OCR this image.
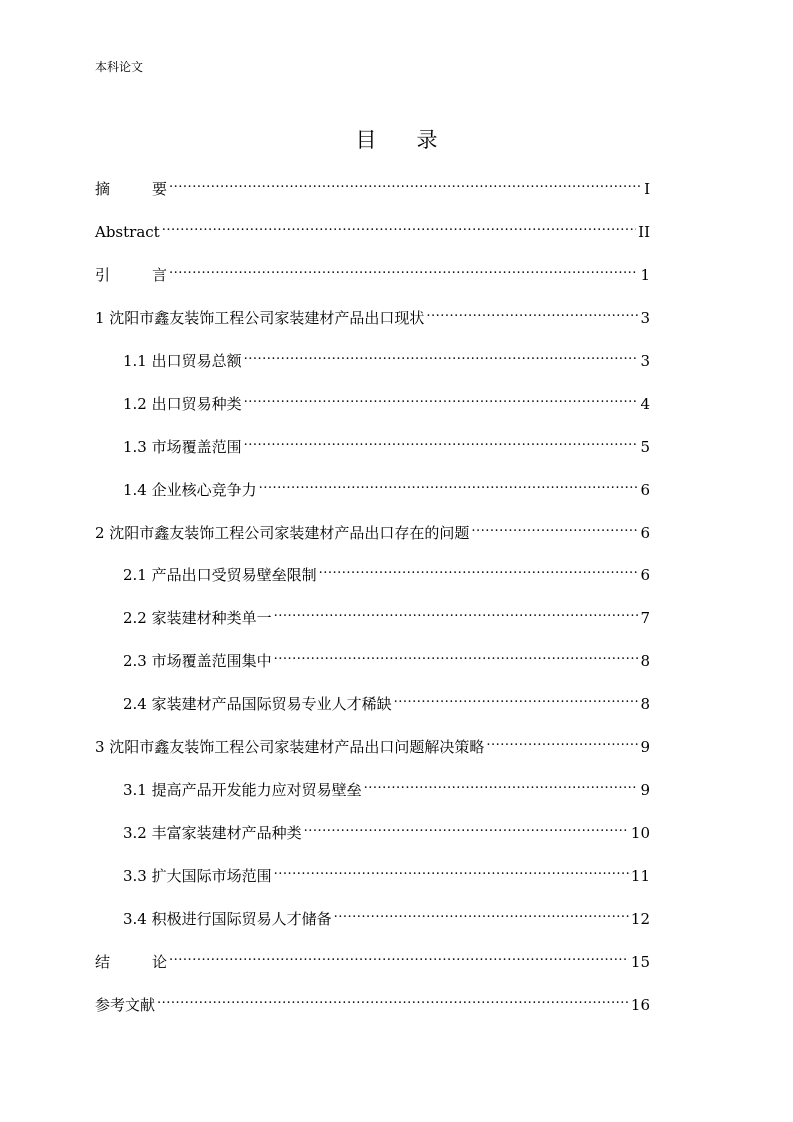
本科论文
目 录
摘	要 .....	I
Abstract .....	II
引	言 .....	1
1 沈阳市鑫友装饰工程公司家装建材产品出口现状 .....	3
1.1 出口贸易总额 .....	3
1.2 出口贸易种类 .....	4
1.3 市场覆盖范围 .....	5
1.4 企业核心竞争力 .....	6
2 沈阳市鑫友装饰工程公司家装建材产品出口存在的问题 .....	6
2.1 产品出口受贸易壁垒限制 .....	6
2.2 家装建材种类单一 .....	7
2.3 市场覆盖范围集中 .....	8
2.4 家装建材产品国际贸易专业人才稀缺 .....	8
3 沈阳市鑫友装饰工程公司家装建材产品出口问题解决策略 .....	9
3.1 提高产品开发能力应对贸易壁垒 .....	9
3.2 丰富家装建材产品种类 .....	10
3.3 扩大国际市场范围 .....	11
3.4 积极进行国际贸易人才储备 .....	12
结	论 .....	15
参考文献 .....	16
